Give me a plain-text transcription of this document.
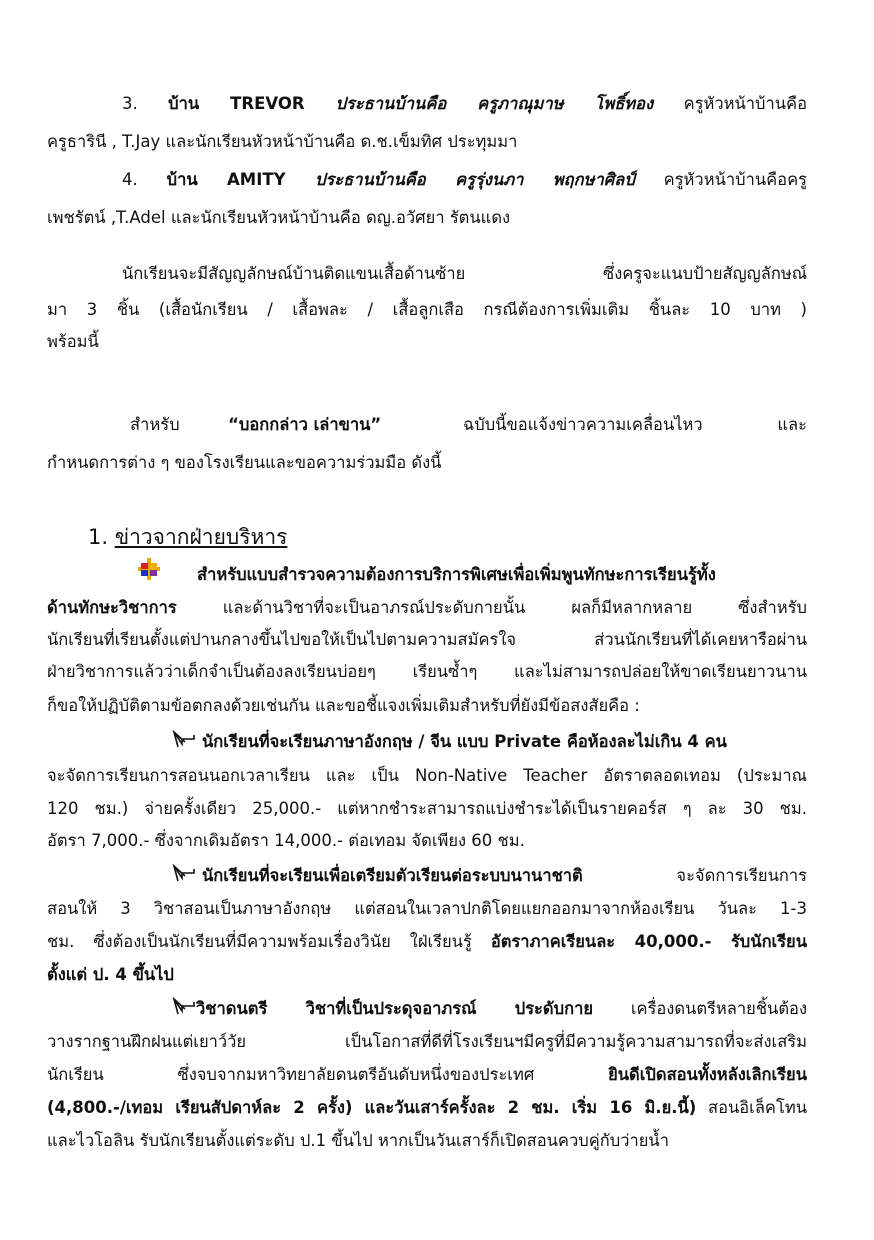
3. บ้าน TREVOR ประธานบ้านคือ ครูภาณุมาษ โพธิ์ทอง ครูหัวหน้าบ้านคือ
ครูธารินี , T.Jay และนักเรียนหัวหน้าบ้านคือ ด.ช.เข็มทิศ ประทุมมา
4. บ้าน AMITY ประธานบ้านคือ ครูรุ่งนภา พฤกษาศิลป์ ครูหัวหน้าบ้านคือครู
เพชรัตน์ ,T.Adel และนักเรียนหัวหน้าบ้านคือ ดญ.อวัศยา รัตนแดง
นักเรียนจะมีสัญญลักษณ์บ้านติดแขนเสื้อด้านซ้าย ซึ่งครูจะแนบป้ายสัญญลักษณ์
มา 3 ชิ้น (เสื้อนักเรียน / เสื้อพละ / เสื้อลูกเสือ กรณีต้องการเพิ่มเติม ชิ้นละ 10 บาท )
พร้อมนี้
สำหรับ	“บอกกล่าว เล่าขาน”	ฉบับนี้ขอแจ้งข่าวความเคลื่อนไหว	และ
กำหนดการต่าง ๆ ของโรงเรียนและขอความร่วมมือ ดังนี้
1. ข่าวจากฝ่ายบริหาร
สำหรับแบบสำรวจความต้องการบริการพิเศษเพื่อเพิ่มพูนทักษะการเรียนรู้ทั้ง
ด้านทักษะวิชาการ และด้านวิชาที่จะเป็นอาภรณ์ประดับกายนั้น ผลก็มีหลากหลาย ซึ่งสำหรับ
นักเรียนที่เรียนตั้งแต่ปานกลางขึ้นไปขอให้เป็นไปตามความสมัครใจ ส่วนนักเรียนที่ได้เคยหารือผ่าน
ฝ่ายวิชาการแล้วว่าเด็กจำเป็นต้องลงเรียนบ่อยๆ เรียนซ้ำๆ และไม่สามารถปล่อยให้ขาดเรียนยาวนาน
ก็ขอให้ปฏิบัติตามข้อตกลงด้วยเช่นกัน และขอชี้แจงเพิ่มเติมสำหรับที่ยังมีข้อสงสัยคือ :
นักเรียนที่จะเรียนภาษาอังกฤษ / จีน แบบ Private คือห้องละไม่เกิน 4 คน
จะจัดการเรียนการสอนนอกเวลาเรียน และ เป็น Non-Native Teacher อัตราตลอดเทอม (ประมาณ
120 ชม.) จ่ายครั้งเดียว 25,000.- แต่หากชำระสามารถแบ่งชำระได้เป็นรายคอร์ส ๆ ละ 30 ชม.
อัตรา 7,000.- ซึ่งจากเดิมอัตรา 14,000.- ต่อเทอม จัดเพียง 60 ชม.
นักเรียนที่จะเรียนเพื่อเตรียมตัวเรียนต่อระบบนานาชาติ จะจัดการเรียนการ
สอนให้ 3 วิชาสอนเป็นภาษาอังกฤษ แต่สอนในเวลาปกติโดยแยกออกมาจากห้องเรียน วันละ 1-3
ชม. ซึ่งต้องเป็นนักเรียนที่มีความพร้อมเรื่องวินัย ใฝ่เรียนรู้ อัตราภาคเรียนละ 40,000.- รับนักเรียน
ตั้งแต่ ป. 4 ขึ้นไป
วิชาดนตรี วิชาที่เป็นประดุจอาภรณ์ ประดับกาย เครื่องดนตรีหลายชิ้นต้อง
วางรากฐานฝึกฝนแต่เยาว์วัย เป็นโอกาสที่ดีที่โรงเรียนฯมีครูที่มีความรู้ความสามารถที่จะส่งเสริม
นักเรียน ซึ่งจบจากมหาวิทยาลัยดนตรีอันดับหนึ่งของประเทศ ยินดีเปิดสอนทั้งหลังเลิกเรียน
(4,800.-/เทอม เรียนสัปดาห์ละ 2 ครั้ง) และวันเสาร์ครั้งละ 2 ชม. เริ่ม 16 มิ.ย.นี้) สอนอิเล็คโทน
และไวโอลิน รับนักเรียนตั้งแต่ระดับ ป.1 ขึ้นไป หากเป็นวันเสาร์ก็เปิดสอนควบคู่กับว่ายน้ำ
